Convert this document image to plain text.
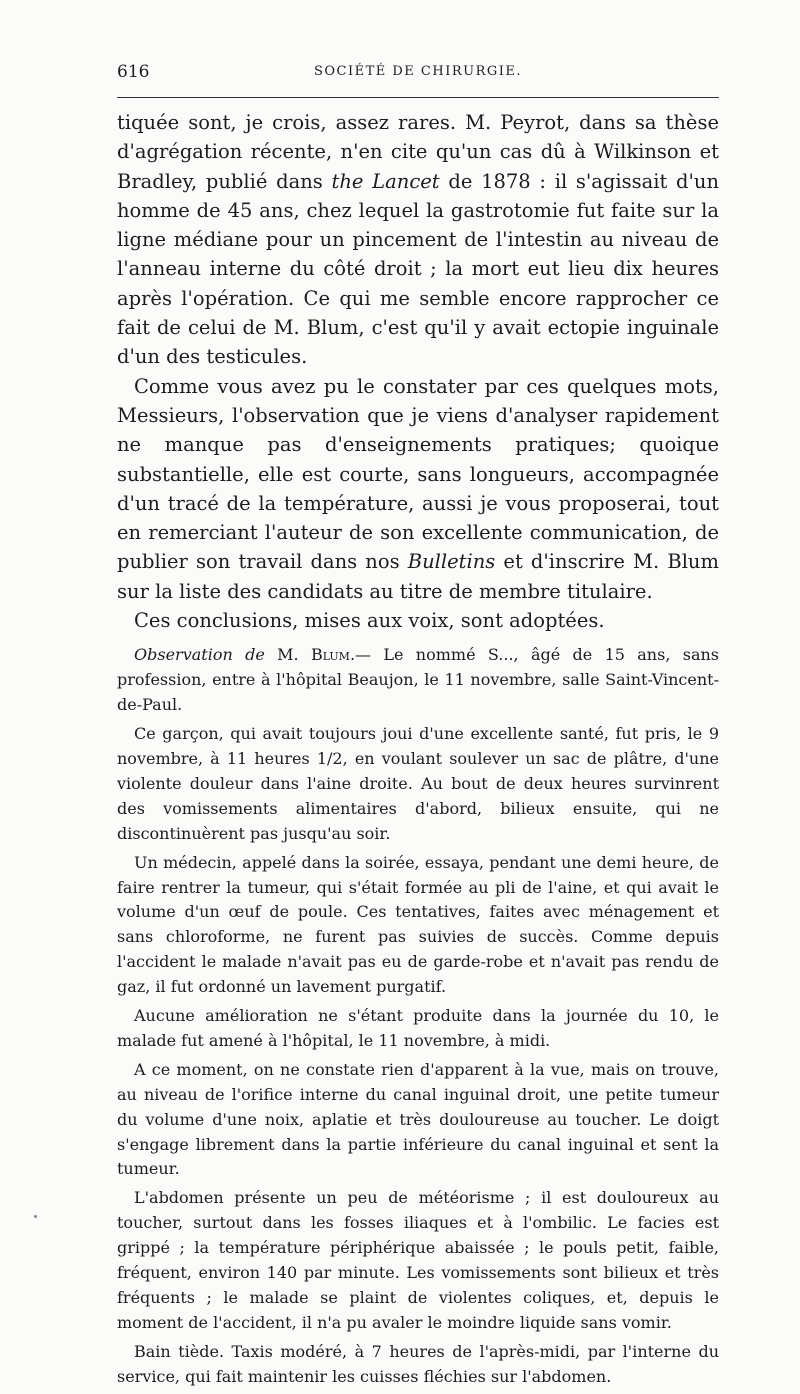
616	SOCIÉTÉ DE CHIRURGIE.

tiquée sont, je crois, assez rares. M. Peyrot, dans sa thèse d'agrégation récente, n'en cite qu'un cas dû à Wilkinson et Bradley, publié dans the Lancet de 1878 : il s'agissait d'un homme de 45 ans, chez lequel la gastrotomie fut faite sur la ligne médiane pour un pincement de l'intestin au niveau de l'anneau interne du côté droit ; la mort eut lieu dix heures après l'opération. Ce qui me semble encore rapprocher ce fait de celui de M. Blum, c'est qu'il y avait ectopie inguinale d'un des testicules.

Comme vous avez pu le constater par ces quelques mots, Messieurs, l'observation que je viens d'analyser rapidement ne manque pas d'enseignements pratiques; quoique substantielle, elle est courte, sans longueurs, accompagnée d'un tracé de la température, aussi je vous proposerai, tout en remerciant l'auteur de son excellente communication, de publier son travail dans nos Bulletins et d'inscrire M. Blum sur la liste des candidats au titre de membre titulaire.

Ces conclusions, mises aux voix, sont adoptées.

Observation de M. Blum.— Le nommé S..., âgé de 15 ans, sans profession, entre à l'hôpital Beaujon, le 11 novembre, salle Saint-Vincent-de-Paul.

Ce garçon, qui avait toujours joui d'une excellente santé, fut pris, le 9 novembre, à 11 heures 1/2, en voulant soulever un sac de plâtre, d'une violente douleur dans l'aine droite. Au bout de deux heures survinrent des vomissements alimentaires d'abord, bilieux ensuite, qui ne discontinuèrent pas jusqu'au soir.

Un médecin, appelé dans la soirée, essaya, pendant une demi heure, de faire rentrer la tumeur, qui s'était formée au pli de l'aine, et qui avait le volume d'un œuf de poule. Ces tentatives, faites avec ménagement et sans chloroforme, ne furent pas suivies de succès. Comme depuis l'accident le malade n'avait pas eu de garde-robe et n'avait pas rendu de gaz, il fut ordonné un lavement purgatif.

Aucune amélioration ne s'étant produite dans la journée du 10, le malade fut amené à l'hôpital, le 11 novembre, à midi.

A ce moment, on ne constate rien d'apparent à la vue, mais on trouve, au niveau de l'orifice interne du canal inguinal droit, une petite tumeur du volume d'une noix, aplatie et très douloureuse au toucher. Le doigt s'engage librement dans la partie inférieure du canal inguinal et sent la tumeur.

L'abdomen présente un peu de météorisme ; il est douloureux au toucher, surtout dans les fosses iliaques et à l'ombilic. Le facies est grippé ; la température périphérique abaissée ; le pouls petit, faible, fréquent, environ 140 par minute. Les vomissements sont bilieux et très fréquents ; le malade se plaint de violentes coliques, et, depuis le moment de l'accident, il n'a pu avaler le moindre liquide sans vomir.

Bain tiède. Taxis modéré, à 7 heures de l'après-midi, par l'interne du service, qui fait maintenir les cuisses fléchies sur l'abdomen.
